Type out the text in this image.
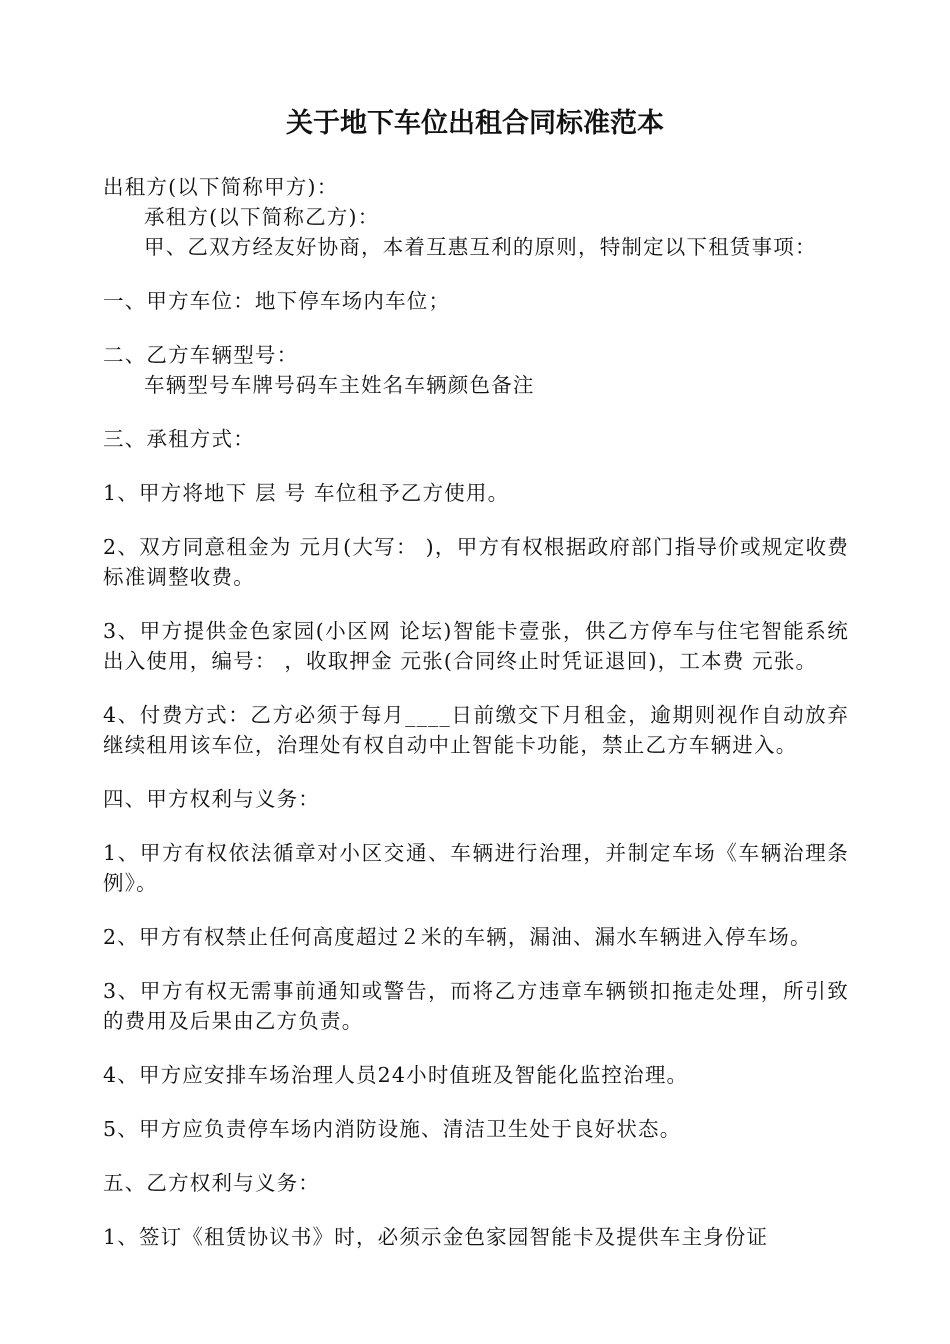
关于地下车位出租合同标准范本

出租方(以下简称甲方)：

承租方(以下简称乙方)：

甲、乙双方经友好协商，本着互惠互利的原则，特制定以下租赁事项：

一、甲方车位：地下停车场内车位；

二、乙方车辆型号：

车辆型号车牌号码车主姓名车辆颜色备注

三、承租方式：

1、甲方将地下 层 号 车位租予乙方使用。

2、双方同意租金为 元月(大写： )，甲方有权根据政府部门指导价或规定收费标准调整收费。

3、甲方提供金色家园(小区网 论坛)智能卡壹张，供乙方停车与住宅智能系统出入使用，编号： ，收取押金 元张(合同终止时凭证退回)，工本费 元张。

4、付费方式：乙方必须于每月____日前缴交下月租金，逾期则视作自动放弃继续租用该车位，治理处有权自动中止智能卡功能，禁止乙方车辆进入。

四、甲方权利与义务：

1、甲方有权依法循章对小区交通、车辆进行治理，并制定车场《车辆治理条例》。

2、甲方有权禁止任何高度超过２米的车辆，漏油、漏水车辆进入停车场。

3、甲方有权无需事前通知或警告，而将乙方违章车辆锁扣拖走处理，所引致的费用及后果由乙方负责。

4、甲方应安排车场治理人员24小时值班及智能化监控治理。

5、甲方应负责停车场内消防设施、清洁卫生处于良好状态。

五、乙方权利与义务：

1、签订《租赁协议书》时，必须示金色家园智能卡及提供车主身份证
